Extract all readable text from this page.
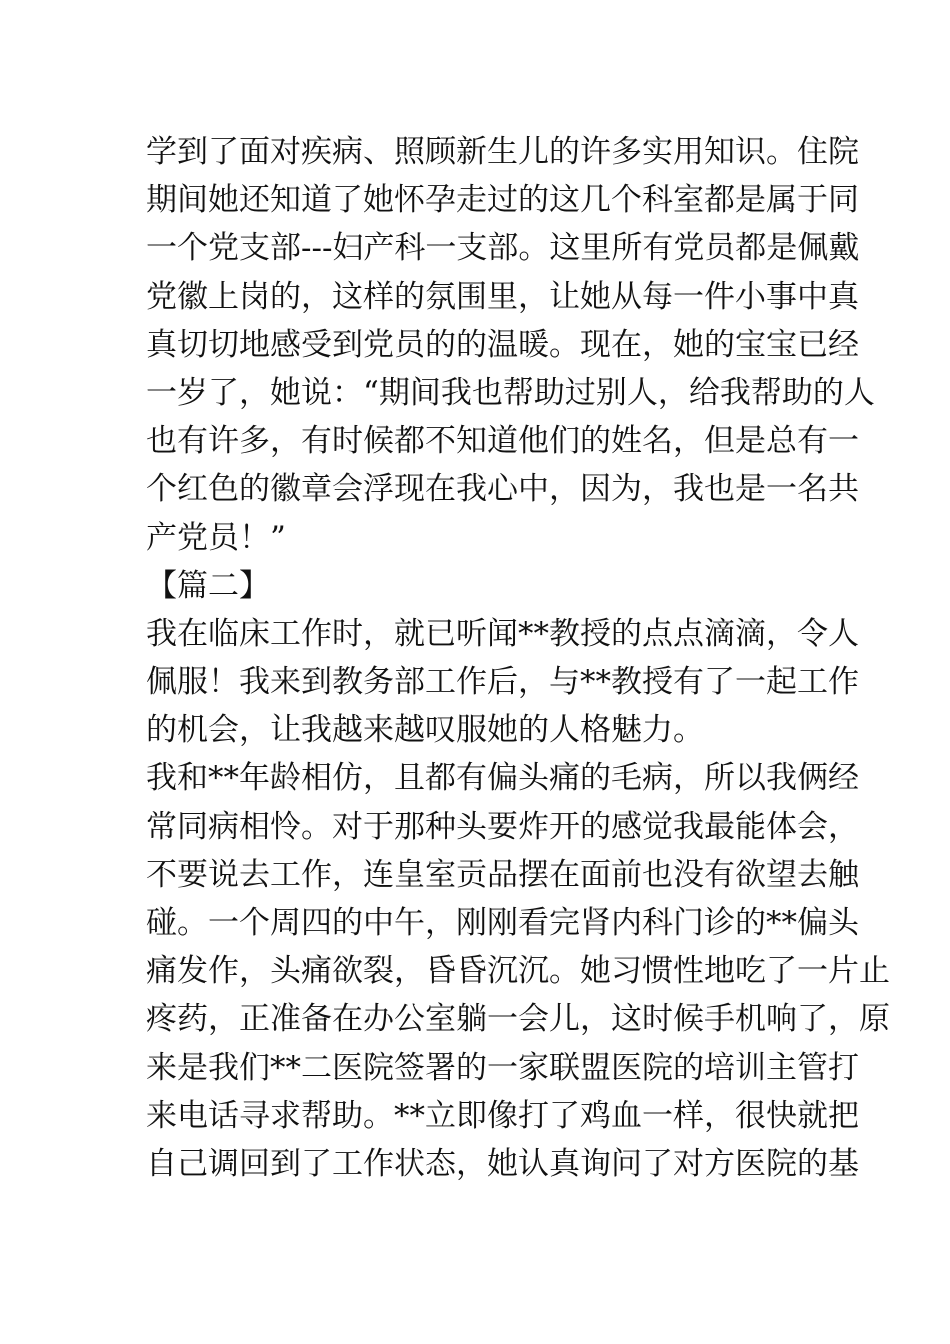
学到了面对疾病、照顾新生儿的许多实用知识。住院
期间她还知道了她怀孕走过的这几个科室都是属于同
一个党支部---妇产科一支部。这里所有党员都是佩戴
党徽上岗的，这样的氛围里，让她从每一件小事中真
真切切地感受到党员的的温暖。现在，她的宝宝已经
一岁了，她说：“期间我也帮助过别人，给我帮助的人
也有许多，有时候都不知道他们的姓名，但是总有一
个红色的徽章会浮现在我心中，因为，我也是一名共
产党员！”
【篇二】
我在临床工作时，就已听闻**教授的点点滴滴，令人
佩服！我来到教务部工作后，与**教授有了一起工作
的机会，让我越来越叹服她的人格魅力。
我和**年龄相仿，且都有偏头痛的毛病，所以我俩经
常同病相怜。对于那种头要炸开的感觉我最能体会，
不要说去工作，连皇室贡品摆在面前也没有欲望去触
碰。一个周四的中午，刚刚看完肾内科门诊的**偏头
痛发作，头痛欲裂，昏昏沉沉。她习惯性地吃了一片止
疼药，正准备在办公室躺一会儿，这时候手机响了，原
来是我们**二医院签署的一家联盟医院的培训主管打
来电话寻求帮助。**立即像打了鸡血一样，很快就把
自己调回到了工作状态，她认真询问了对方医院的基
